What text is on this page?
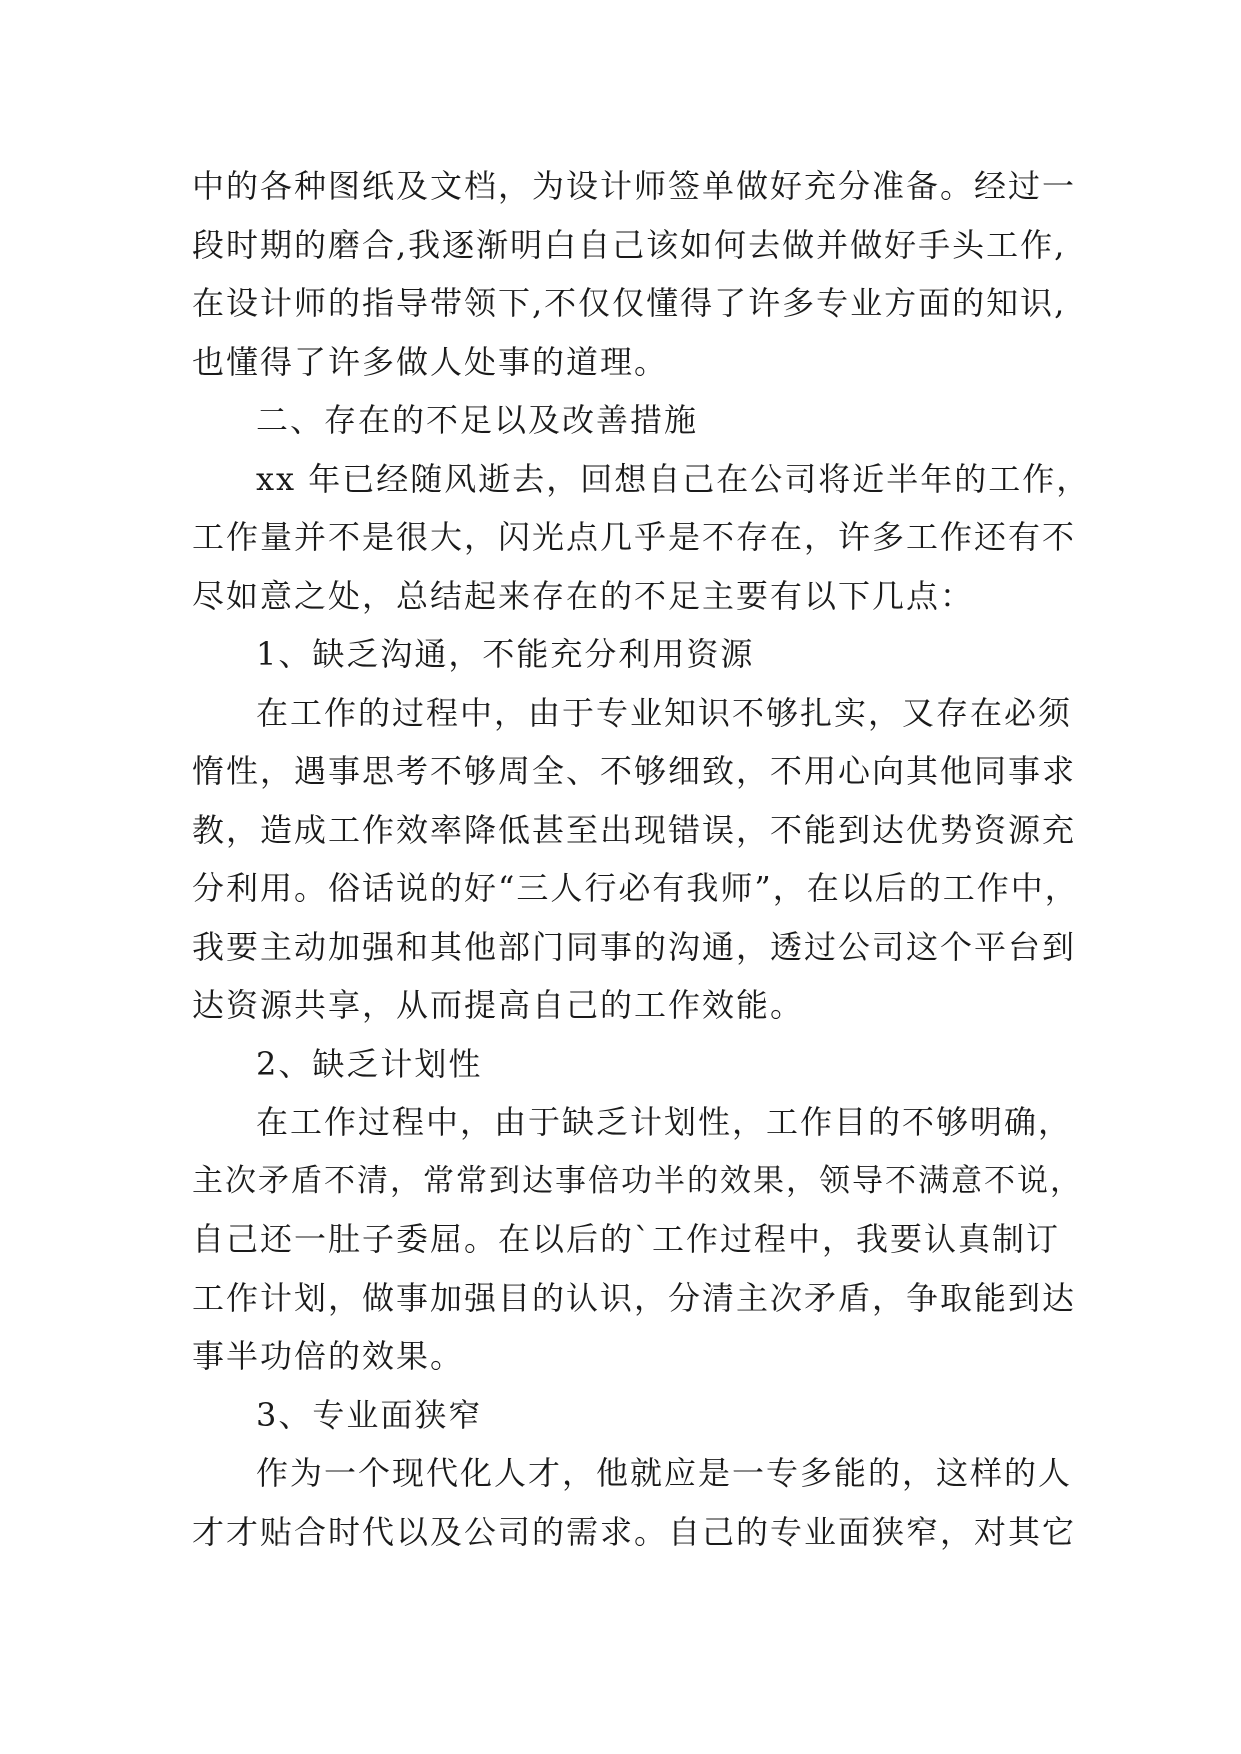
中的各种图纸及文档，为设计师签单做好充分准备。经过一
段时期的磨合,我逐渐明白自己该如何去做并做好手头工作,
在设计师的指导带领下,不仅仅懂得了许多专业方面的知识,
也懂得了许多做人处事的道理。
二、存在的不足以及改善措施
xx 年已经随风逝去，回想自己在公司将近半年的工作，
工作量并不是很大，闪光点几乎是不存在，许多工作还有不
尽如意之处，总结起来存在的不足主要有以下几点：
1、缺乏沟通，不能充分利用资源
在工作的过程中，由于专业知识不够扎实，又存在必须
惰性，遇事思考不够周全、不够细致，不用心向其他同事求
教，造成工作效率降低甚至出现错误，不能到达优势资源充
分利用。俗话说的好“三人行必有我师”，在以后的工作中，
我要主动加强和其他部门同事的沟通，透过公司这个平台到
达资源共享，从而提高自己的工作效能。
2、缺乏计划性
在工作过程中，由于缺乏计划性，工作目的不够明确，
主次矛盾不清，常常到达事倍功半的效果，领导不满意不说，
自己还一肚子委屈。在以后的`工作过程中，我要认真制订
工作计划，做事加强目的认识，分清主次矛盾，争取能到达
事半功倍的效果。
3、专业面狭窄
作为一个现代化人才，他就应是一专多能的，这样的人
才才贴合时代以及公司的需求。自己的专业面狭窄，对其它
